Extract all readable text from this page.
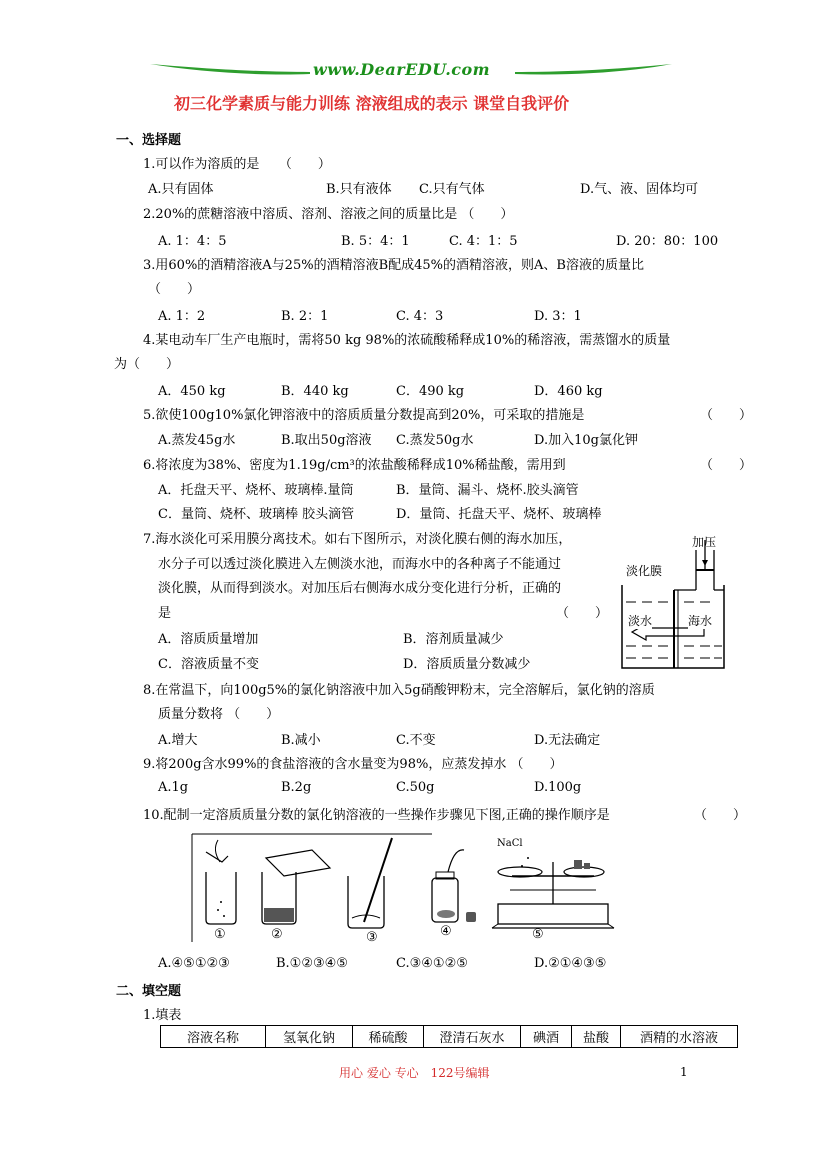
www.DearEDU.com
初三化学素质与能力训练 溶液组成的表示 课堂自我评价
一、选择题
1.可以作为溶质的是　　（　　）
A.只有固体	B.只有液体 C.只有气体	D.气、液、固体均可
2.20%的蔗糖溶液中溶质、溶剂、溶液之间的质量比是 （　　）
A. 1：4：5	B. 5：4：1	C. 4：1：5	D. 20：80：100
3.用60%的酒精溶液A与25%的酒精溶液B配成45%的酒精溶液，则A、B溶液的质量比
（　　）
A. 1：2	B. 2：1	C. 4：3	D. 3：1
4.某电动车厂生产电瓶时，需将50 kg 98%的浓硫酸稀释成10%的稀溶液，需蒸馏水的质量
为（　　）
A．450 kg	B．440 kg	C．490 kg	D．460 kg
5.欲使100g10%氯化钾溶液中的溶质质量分数提高到20%，可采取的措施是	（　　）
A.蒸发45g水	B.取出50g溶液 C.蒸发50g水	D.加入10g氯化钾
6.将浓度为38%、密度为1.19g/cm³的浓盐酸稀释成10%稀盐酸，需用到	（　　）
A．托盘天平、烧杯、玻璃棒.量筒	B．量筒、漏斗、烧杯.胶头滴管
C．量筒、烧杯、玻璃棒 胶头滴管	D．量筒、托盘天平、烧杯、玻璃棒
7.海水淡化可采用膜分离技术。如右下图所示，对淡化膜右侧的海水加压，
水分子可以透过淡化膜进入左侧淡水池，而海水中的各种离子不能通过
淡化膜，从而得到淡水。对加压后右侧海水成分变化进行分析，正确的
是	（　　）
A．溶质质量增加	B．溶剂质量减少
C．溶液质量不变	D．溶质质量分数减少
加压
淡化膜
淡水	海水
8.在常温下，向100g5%的氯化钠溶液中加入5g硝酸钾粉末，完全溶解后，氯化钠的溶质
质量分数将 （　　）
A.增大	B.减小	C.不变	D.无法确定
9.将200g含水99%的食盐溶液的含水量变为98%，应蒸发掉水 （　　）
A.1g	B.2g	C.50g	D.100g
10.配制一定溶质质量分数的氯化钠溶液的一些操作步骤见下图,正确的操作顺序是	（　　）
NaCl
①	②	③	④	⑤
A.④⑤①②③	B.①②③④⑤	C.③④①②⑤	D.②①④③⑤
二、填空题
1.填表
溶液名称	氢氧化钠	稀硫酸	澄清石灰水	碘酒	盐酸	酒精的水溶液
用心 爱心 专心　122号编辑	1
